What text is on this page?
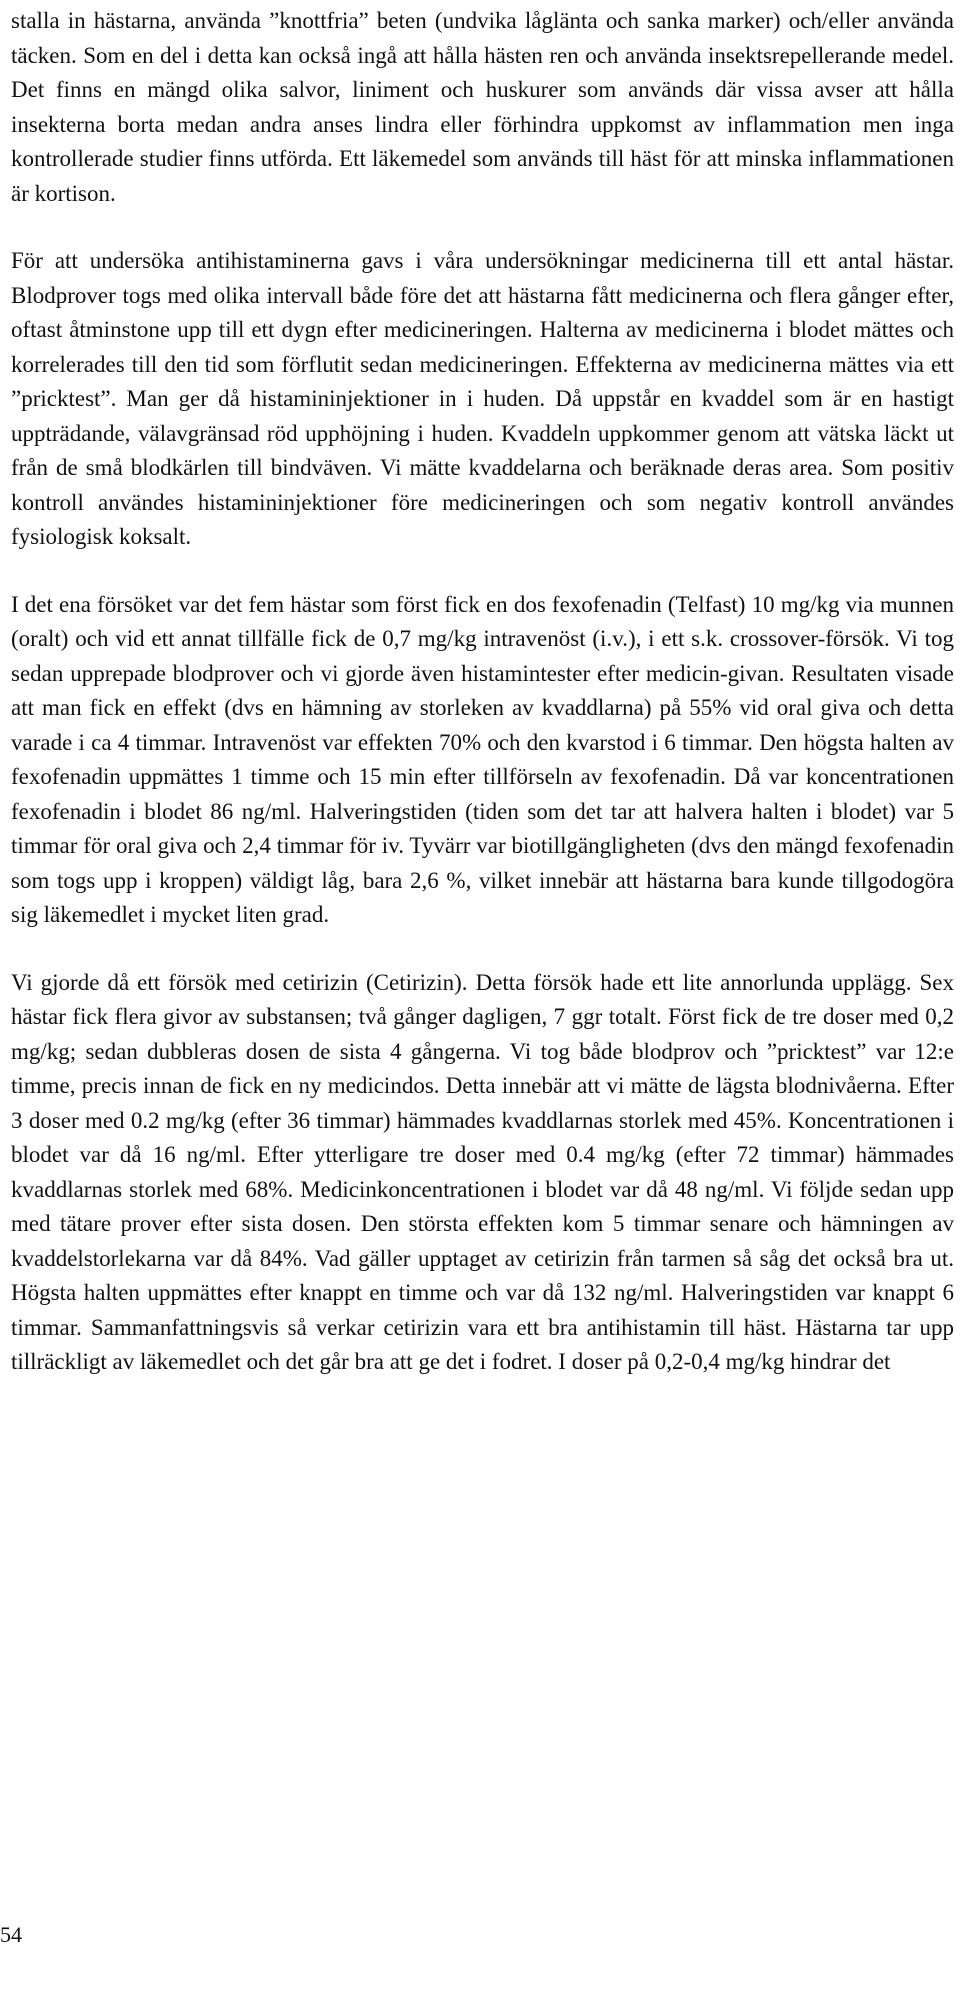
stalla in hästarna, använda ”knottfria” beten (undvika låglänta och sanka marker) och/eller använda täcken. Som en del i detta kan också ingå att hålla hästen ren och använda insektsrepellerande medel. Det finns en mängd olika salvor, liniment och huskurer som används där vissa avser att hålla insekterna borta medan andra anses lindra eller förhindra uppkomst av inflammation men inga kontrollerade studier finns utförda. Ett läkemedel som används till häst för att minska inflammationen är kortison.

För att undersöka antihistaminerna gavs i våra undersökningar medicinerna till ett antal hästar. Blodprover togs med olika intervall både före det att hästarna fått medicinerna och flera gånger efter, oftast åtminstone upp till ett dygn efter medicineringen. Halterna av medicinerna i blodet mättes och korrelerades till den tid som förflutit sedan medicineringen. Effekterna av medicinerna mättes via ett ”pricktest”. Man ger då histamininjektioner in i huden. Då uppstår en kvaddel som är en hastigt uppträdande, välavgränsad röd upphöjning i huden. Kvaddeln uppkommer genom att vätska läckt ut från de små blodkärlen till bindväven. Vi mätte kvaddelarna och beräknade deras area. Som positiv kontroll användes histamininjektioner före medicineringen och som negativ kontroll användes fysiologisk koksalt.

I det ena försöket var det fem hästar som först fick en dos fexofenadin (Telfast) 10 mg/kg via munnen (oralt) och vid ett annat tillfälle fick de 0,7 mg/kg intravenöst (i.v.), i ett s.k. crossover-försök. Vi tog sedan upprepade blodprover och vi gjorde även histamintester efter medicin-givan. Resultaten visade att man fick en effekt (dvs en hämning av storleken av kvaddlarna) på 55% vid oral giva och detta varade i ca 4 timmar. Intravenöst var effekten 70% och den kvarstod i 6 timmar. Den högsta halten av fexofenadin uppmättes 1 timme och 15 min efter tillförseln av fexofenadin. Då var koncentrationen fexofenadin i blodet 86 ng/ml. Halveringstiden (tiden som det tar att halvera halten i blodet) var 5 timmar för oral giva och 2,4 timmar för iv. Tyvärr var biotillgängligheten (dvs den mängd fexofenadin som togs upp i kroppen) väldigt låg, bara 2,6 %, vilket innebär att hästarna bara kunde tillgodogöra sig läkemedlet i mycket liten grad.

Vi gjorde då ett försök med cetirizin (Cetirizin). Detta försök hade ett lite annorlunda upplägg. Sex hästar fick flera givor av substansen; två gånger dagligen, 7 ggr totalt. Först fick de tre doser med 0,2 mg/kg; sedan dubbleras dosen de sista 4 gångerna. Vi tog både blodprov och ”pricktest” var 12:e timme, precis innan de fick en ny medicindos. Detta innebär att vi mätte de lägsta blodnivåerna. Efter 3 doser med 0.2 mg/kg (efter 36 timmar) hämmades kvaddlarnas storlek med 45%. Koncentrationen i blodet var då 16 ng/ml. Efter ytterligare tre doser med 0.4 mg/kg (efter 72 timmar) hämmades kvaddlarnas storlek med 68%. Medicinkoncentrationen i blodet var då 48 ng/ml. Vi följde sedan upp med tätare prover efter sista dosen. Den största effekten kom 5 timmar senare och hämningen av kvaddelstorlekarna var då 84%. Vad gäller upptaget av cetirizin från tarmen så såg det också bra ut. Högsta halten uppmättes efter knappt en timme och var då 132 ng/ml. Halveringstiden var knappt 6 timmar. Sammanfattningsvis så verkar cetirizin vara ett bra antihistamin till häst. Hästarna tar upp tillräckligt av läkemedlet och det går bra att ge det i fodret. I doser på 0,2-0,4 mg/kg hindrar det

54
